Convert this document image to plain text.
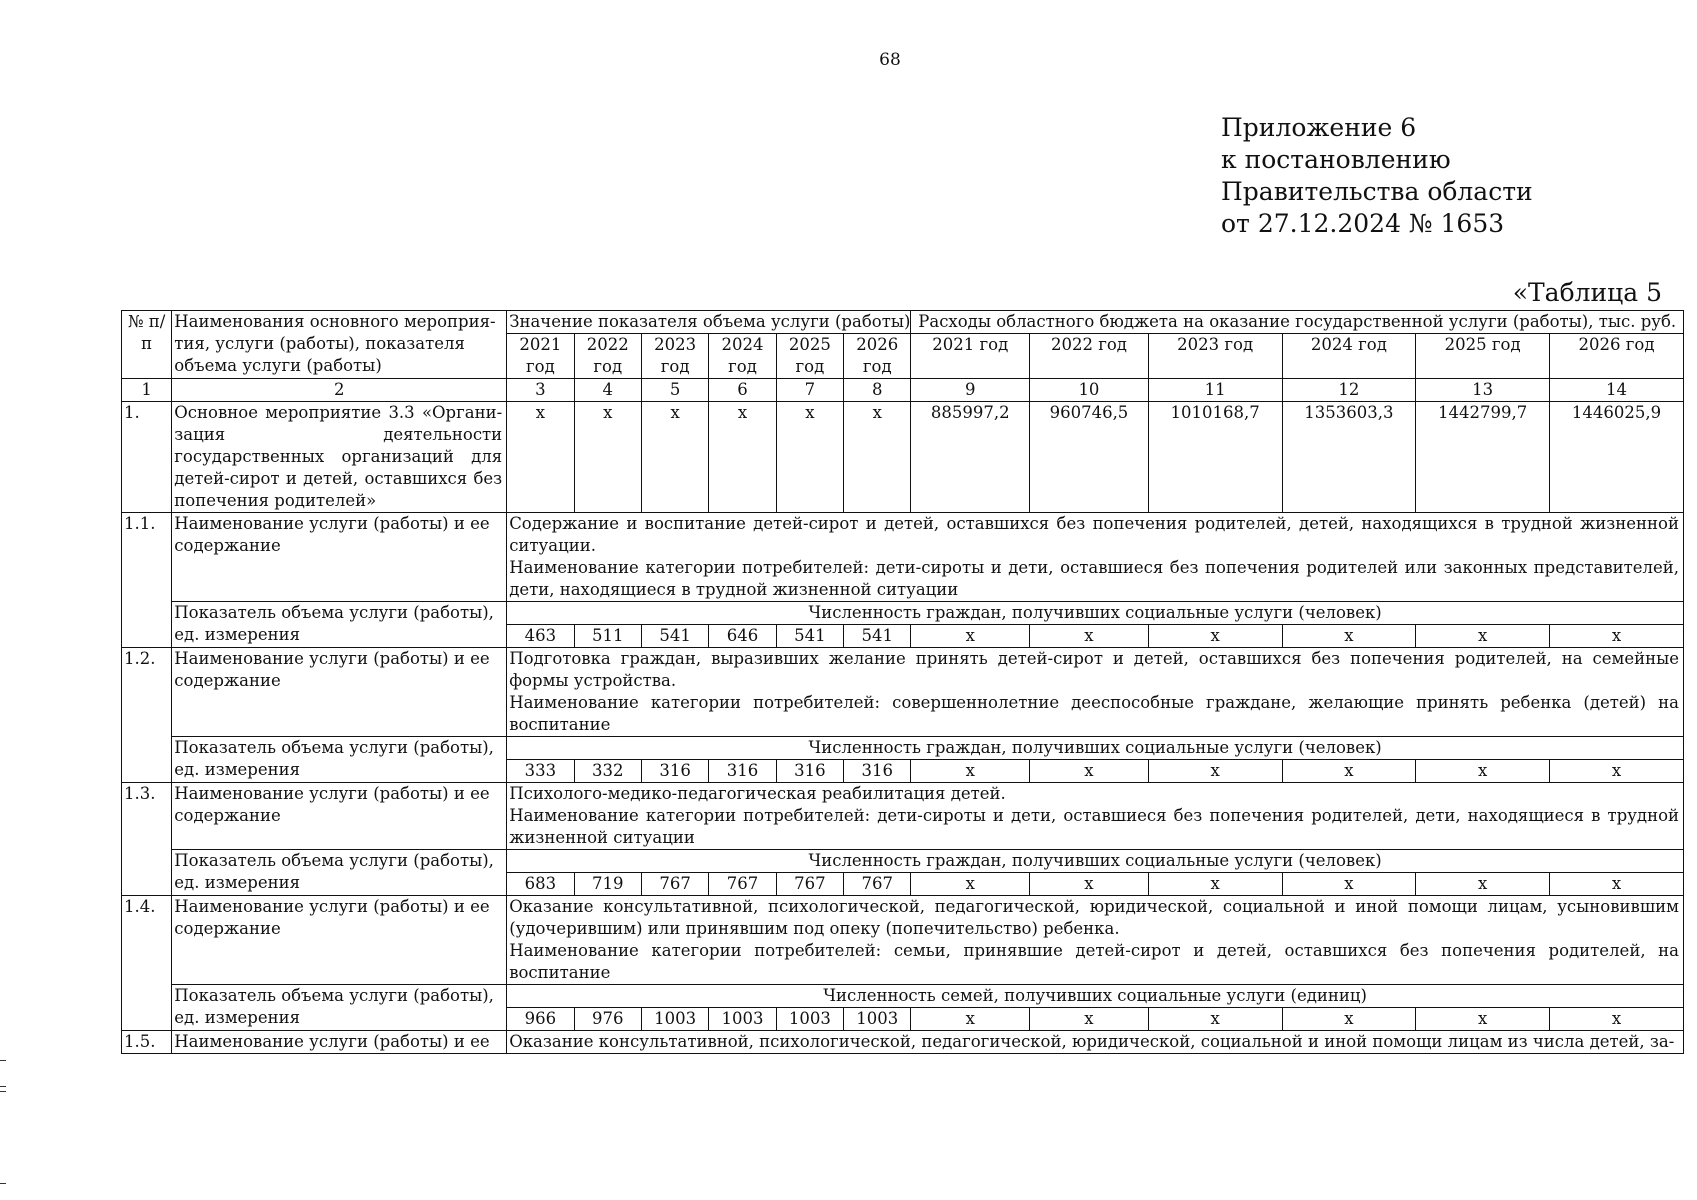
68
Приложение 6
к постановлению
Правительства области
от 27.12.2024 № 1653
«Таблица 5
№ п/п	Наименования основного мероприятия, услуги (работы), показателя объема услуги (работы)	Значение показателя объема услуги (работы)						Расходы областного бюджета на оказание государственной услуги (работы), тыс. руб.					
		2021 год	2022 год	2023 год	2024 год	2025 год	2026 год	2021 год	2022 год	2023 год	2024 год	2025 год	2026 год
1	2	3	4	5	6	7	8	9	10	11	12	13	14
1.	Основное мероприятие 3.3 «Организация деятельности государственных организаций для детей-сирот и детей, оставшихся без попечения родителей»	х	х	х	х	х	х	885997,2	960746,5	1010168,7	1353603,3	1442799,7	1446025,9
1.1.	Наименование услуги (работы) и ее содержание	Содержание и воспитание детей-сирот и детей, оставшихся без попечения родителей, детей, находящихся в трудной жизненной ситуации.
Наименование категории потребителей: дети-сироты и дети, оставшиеся без попечения родителей или законных представителей, дети, находящиеся в трудной жизненной ситуации											

	Показатель объема услуги (работы), ед. измерения	Численность граждан, получивших социальные услуги (человек)											
		463	511	541	646	541	541	х	х	х	х	х	х
1.2.	Наименование услуги (работы) и ее содержание	Подготовка граждан, выразивших желание принять детей-сирот и детей, оставшихся без попечения родителей, на семейные формы устройства.
Наименование категории потребителей: совершеннолетние дееспособные граждане, желающие принять ребенка (детей) на воспитание											

	Показатель объема услуги (работы), ед. измерения	Численность граждан, получивших социальные услуги (человек)											
		333	332	316	316	316	316	х	х	х	х	х	х
1.3.	Наименование услуги (работы) и ее содержание	Психолого-медико-педагогическая реабилитация детей.
Наименование категории потребителей: дети-сироты и дети, оставшиеся без попечения родителей, дети, находящиеся в трудной жизненной ситуации											

	Показатель объема услуги (работы), ед. измерения	Численность граждан, получивших социальные услуги (человек)											
		683	719	767	767	767	767	х	х	х	х	х	х
1.4.	Наименование услуги (работы) и ее содержание	Оказание консультативной, психологической, педагогической, юридической, социальной и иной помощи лицам, усыновившим (удочерившим) или принявшим под опеку (попечительство) ребенка.
Наименование категории потребителей: семьи, принявшие детей-сирот и детей, оставшихся без попечения родителей, на воспитание											

	Показатель объема услуги (работы), ед. измерения	Численность семей, получивших социальные услуги (единиц)											
		966	976	1003	1003	1003	1003	х	х	х	х	х	х
1.5.	Наименование услуги (работы) и ее	Оказание консультативной, психологической, педагогической, юридической, социальной и иной помощи лицам из числа детей, за-											
